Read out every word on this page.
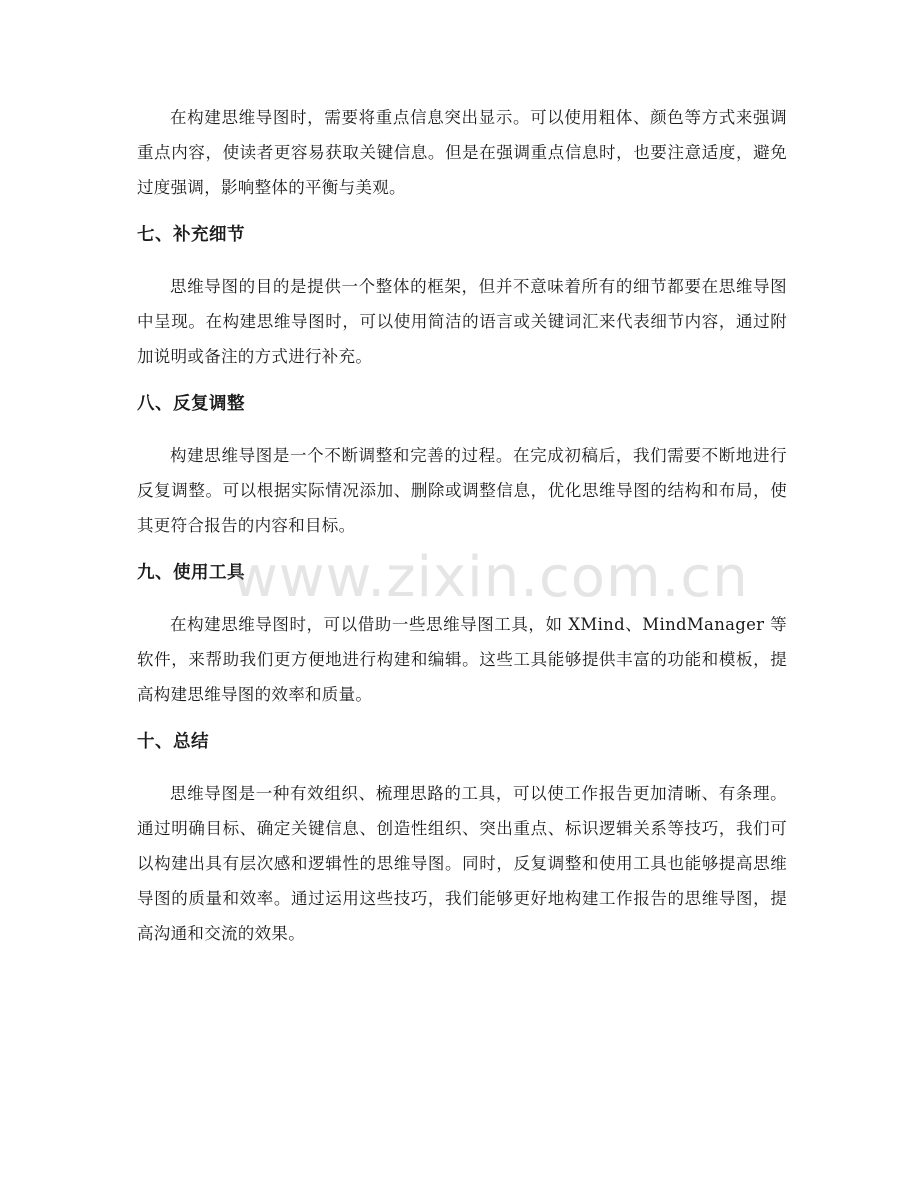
在构建思维导图时，需要将重点信息突出显示。可以使用粗体、颜色等方式来强调重点内容，使读者更容易获取关键信息。但是在强调重点信息时，也要注意适度，避免过度强调，影响整体的平衡与美观。

七、补充细节

思维导图的目的是提供一个整体的框架，但并不意味着所有的细节都要在思维导图中呈现。在构建思维导图时，可以使用简洁的语言或关键词汇来代表细节内容，通过附加说明或备注的方式进行补充。

八、反复调整

构建思维导图是一个不断调整和完善的过程。在完成初稿后，我们需要不断地进行反复调整。可以根据实际情况添加、删除或调整信息，优化思维导图的结构和布局，使其更符合报告的内容和目标。

九、使用工具

在构建思维导图时，可以借助一些思维导图工具，如 XMind、MindManager 等软件，来帮助我们更方便地进行构建和编辑。这些工具能够提供丰富的功能和模板，提高构建思维导图的效率和质量。

十、总结

思维导图是一种有效组织、梳理思路的工具，可以使工作报告更加清晰、有条理。通过明确目标、确定关键信息、创造性组织、突出重点、标识逻辑关系等技巧，我们可以构建出具有层次感和逻辑性的思维导图。同时，反复调整和使用工具也能够提高思维导图的质量和效率。通过运用这些技巧，我们能够更好地构建工作报告的思维导图，提高沟通和交流的效果。

www.zixin.com.cn
